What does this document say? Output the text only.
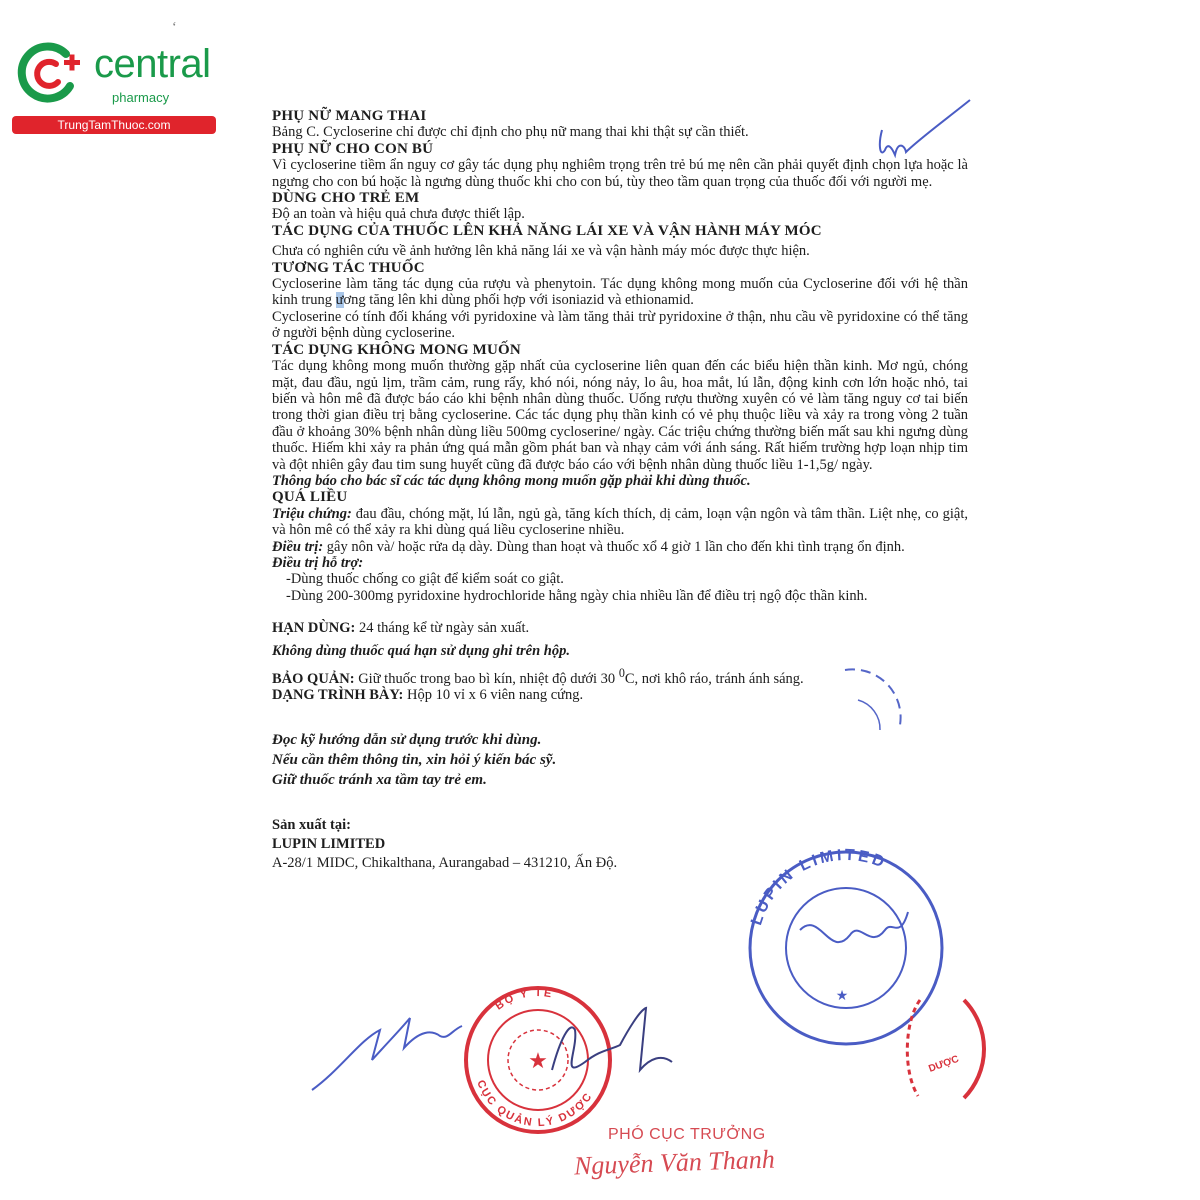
central
pharmacy
TrungTamThuoc.com
‘

PHỤ NỮ MANG THAI

Bảng C. Cycloserine chỉ được chỉ định cho phụ nữ mang thai khi thật sự cần thiết.

PHỤ NỮ CHO CON BÚ

Vì cycloserine tiềm ẩn nguy cơ gây tác dụng phụ nghiêm trọng trên trẻ bú mẹ nên cần phải quyết định chọn lựa hoặc là ngưng cho con bú hoặc là ngưng dùng thuốc khi cho con bú, tùy theo tầm quan trọng của thuốc đối với người mẹ.

DÙNG CHO TRẺ EM

Độ an toàn và hiệu quả chưa được thiết lập.

TÁC DỤNG CỦA THUỐC LÊN KHẢ NĂNG LÁI XE VÀ VẬN HÀNH MÁY MÓC

Chưa có nghiên cứu về ảnh hưởng lên khả năng lái xe và vận hành máy móc được thực hiện.

TƯƠNG TÁC THUỐC

Cycloserine làm tăng tác dụng của rượu và phenytoin. Tác dụng không mong muốn của Cycloserine đối với hệ thần kinh trung ương tăng lên khi dùng phối hợp với isoniazid và ethionamid.

Cycloserine có tính đối kháng với pyridoxine và làm tăng thải trừ pyridoxine ở thận, nhu cầu về pyridoxine có thể tăng ở người bệnh dùng cycloserine.

TÁC DỤNG KHÔNG MONG MUỐN

Tác dụng không mong muốn thường gặp nhất của cycloserine liên quan đến các biểu hiện thần kinh. Mơ ngủ, chóng mặt, đau đầu, ngủ lịm, trầm cảm, rung rẩy, khó nói, nóng nảy, lo âu, hoa mắt, lú lẫn, động kinh cơn lớn hoặc nhỏ, tai biến và hôn mê đã được báo cáo khi bệnh nhân dùng thuốc. Uống rượu thường xuyên có vẻ làm tăng nguy cơ tai biến trong thời gian điều trị bằng cycloserine. Các tác dụng phụ thần kinh có vẻ phụ thuộc liều và xảy ra trong vòng 2 tuần đầu ở khoảng 30% bệnh nhân dùng liều 500mg cycloserine/ ngày. Các triệu chứng thường biến mất sau khi ngưng dùng thuốc. Hiếm khi xảy ra phản ứng quá mẫn gồm phát ban và nhạy cảm với ánh sáng. Rất hiếm trường hợp loạn nhịp tim và đột nhiên gây đau tim sung huyết cũng đã được báo cáo với bệnh nhân dùng thuốc liều 1-1,5g/ ngày.

Thông báo cho bác sĩ các tác dụng không mong muốn gặp phải khi dùng thuốc.

QUÁ LIỀU

Triệu chứng: đau đầu, chóng mặt, lú lẫn, ngủ gà, tăng kích thích, dị cảm, loạn vận ngôn và tâm thần. Liệt nhẹ, co giật, và hôn mê có thể xảy ra khi dùng quá liều cycloserine nhiều.

Điều trị: gây nôn và/ hoặc rửa dạ dày. Dùng than hoạt và thuốc xổ 4 giờ 1 lần cho đến khi tình trạng ổn định.

Điều trị hỗ trợ:

-Dùng thuốc chống co giật để kiểm soát co giật.

-Dùng 200-300mg pyridoxine hydrochloride hằng ngày chia nhiều lần để điều trị ngộ độc thần kinh.

HẠN DÙNG: 24 tháng kể từ ngày sản xuất.

Không dùng thuốc quá hạn sử dụng ghi trên hộp.

BẢO QUẢN: Giữ thuốc trong bao bì kín, nhiệt độ dưới 30 $^0$C, nơi khô ráo, tránh ánh sáng.

DẠNG TRÌNH BÀY: Hộp 10 vỉ x 6 viên nang cứng.

Đọc kỹ hướng dẫn sử dụng trước khi dùng.

Nếu cần thêm thông tin, xin hỏi ý kiến bác sỹ.

Giữ thuốc tránh xa tầm tay trẻ em.

Sản xuất tại:

LUPIN LIMITED

A-28/1 MIDC, Chikalthana, Aurangabad – 431210, Ấn Độ.

LUPIN LIMITED
★
★
BỘ Y TẾ
CỤC QUẢN LÝ DƯỢC
DƯỢC
PHÓ CỤC TRƯỞNG
Nguyễn Văn Thanh
